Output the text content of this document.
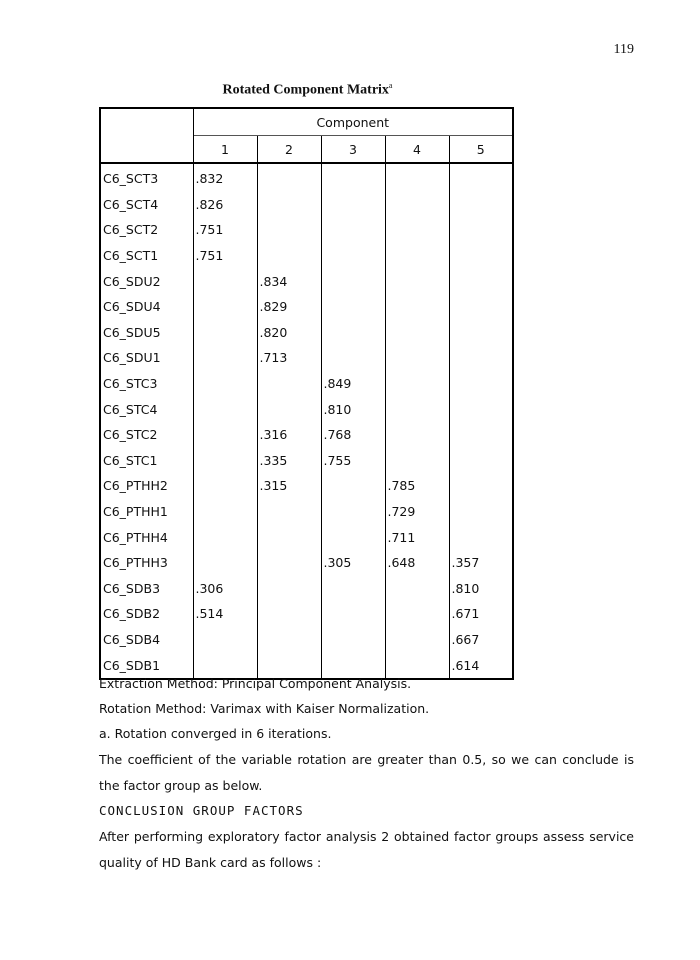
119
Rotated Component Matrix$^a$
	Component				
	1	2	3	4	5
C6_SCT3	.832				
C6_SCT4	.826				
C6_SCT2	.751				
C6_SCT1	.751				
C6_SDU2		.834			
C6_SDU4		.829			
C6_SDU5		.820			
C6_SDU1		.713			
C6_STC3			.849		
C6_STC4			.810		
C6_STC2		.316	.768		
C6_STC1		.335	.755		
C6_PTHH2		.315		.785	
C6_PTHH1				.729	
C6_PTHH4				.711	
C6_PTHH3			.305	.648	.357
C6_SDB3	.306				.810
C6_SDB2	.514				.671
C6_SDB4					.667
C6_SDB1					.614
Extraction Method: Principal Component Analysis.
Rotation Method: Varimax with Kaiser Normalization.
a. Rotation converged in 6 iterations.
The coefficient of the variable rotation are greater than 0.5, so we can conclude is the factor group as below.
CONCLUSION GROUP FACTORS
After performing exploratory factor analysis 2 obtained factor groups assess service quality of HD Bank card as follows :
